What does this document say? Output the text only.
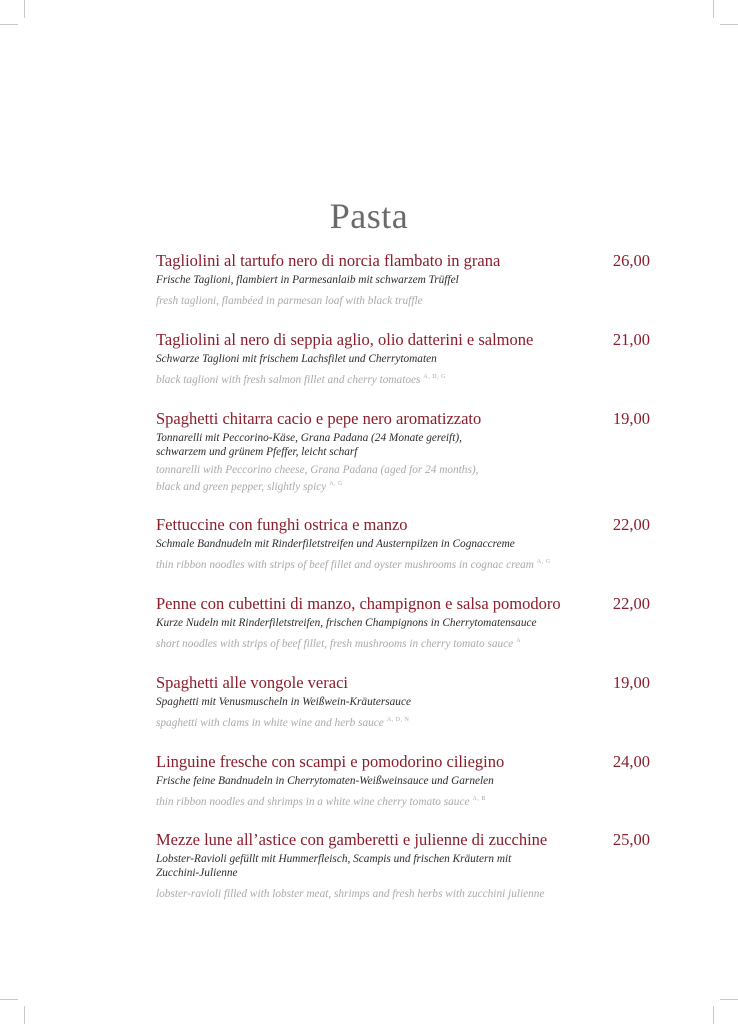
Pasta
Tagliolini al tartufo nero di norcia flambato in grana	26,00
Frische Taglioni, flambiert in Parmesanlaib mit schwarzem Trüffel
fresh taglioni, flambéed in parmesan loaf with black truffle
Tagliolini al nero di seppia aglio, olio datterini e salmone	21,00
Schwarze Taglioni mit frischem Lachsfilet und Cherrytomaten
black taglioni with fresh salmon fillet and cherry tomatoes $^{A, D, G}$
Spaghetti chitarra cacio e pepe nero aromatizzato	19,00
Tonnarelli mit Peccorino-Käse, Grana Padana (24 Monate gereift),
schwarzem und grünem Pfeffer, leicht scharf
tonnarelli with Peccorino cheese, Grana Padana (aged for 24 months),
black and green pepper, slightly spicy $^{A, G}$
Fettuccine con funghi ostrica e manzo	22,00
Schmale Bandnudeln mit Rinderfiletstreifen und Austernpilzen in Cognaccreme
thin ribbon noodles with strips of beef fillet and oyster mushrooms in cognac cream $^{A, G}$
Penne con cubettini di manzo, champignon e salsa pomodoro	22,00
Kurze Nudeln mit Rinderfiletstreifen, frischen Champignons in Cherrytomatensauce
short noodles with strips of beef fillet, fresh mushrooms in cherry tomato sauce $^A$
Spaghetti alle vongole veraci	19,00
Spaghetti mit Venusmuscheln in Weißwein-Kräutersauce
spaghetti with clams in white wine and herb sauce $^{A, D, N}$
Linguine fresche con scampi e pomodorino ciliegino	24,00
Frische feine Bandnudeln in Cherrytomaten-Weißweinsauce und Garnelen
thin ribbon noodles and shrimps in a white wine cherry tomato sauce $^{A, B}$
Mezze lune all’astice con gamberetti e julienne di zucchine	25,00
Lobster-Ravioli gefüllt mit Hummerfleisch, Scampis und frischen Kräutern mit
Zucchini-Julienne
lobster-ravioli filled with lobster meat, shrimps and fresh herbs with zucchini julienne
